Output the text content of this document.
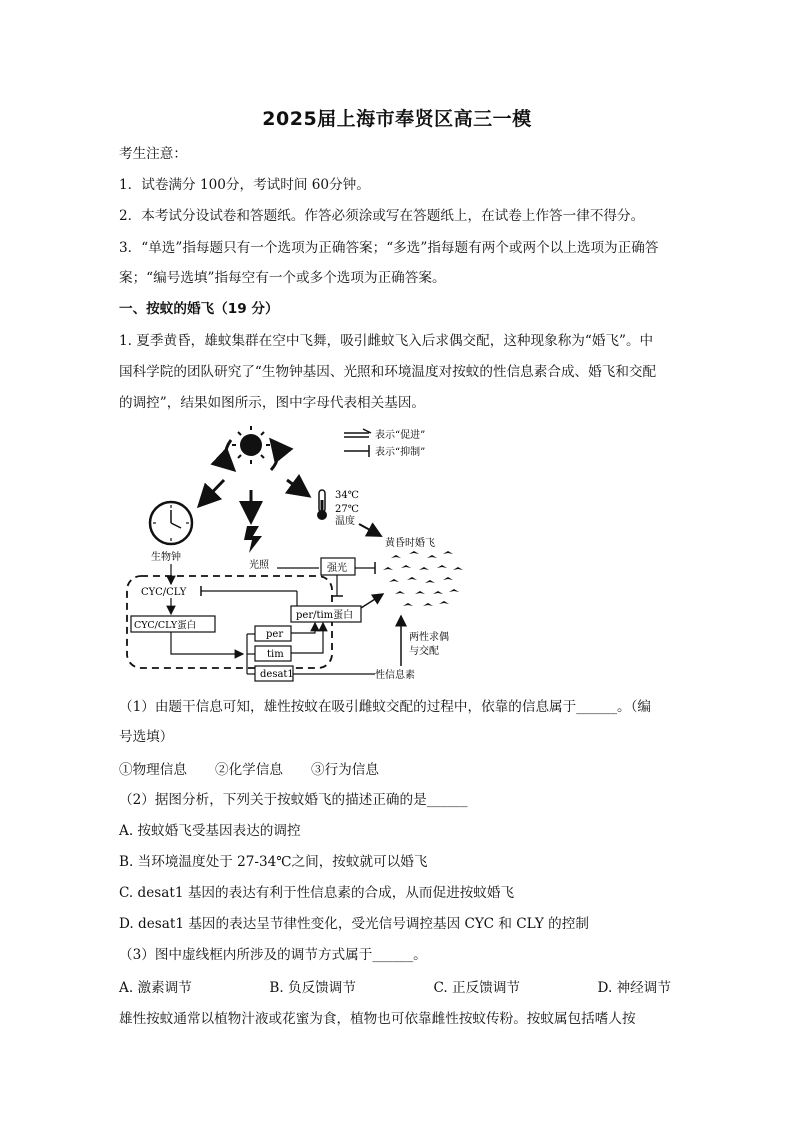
2025届上海市奉贤区高三一模
考生注意：
1．试卷满分 100分，考试时间 60分钟。
2．本考试分设试卷和答题纸。作答必须涂或写在答题纸上，在试卷上作答一律不得分。
3．“单选”指每题只有一个选项为正确答案；“多选”指每题有两个或两个以上选项为正确答
案；“编号选填”指每空有一个或多个选项为正确答案。
一、按蚊的婚飞（19 分）
1. 夏季黄昏，雄蚊集群在空中飞舞，吸引雌蚊飞入后求偶交配，这种现象称为“婚飞”。中
国科学院的团队研究了“生物钟基因、光照和环境温度对按蚊的性信息素合成、婚飞和交配
的调控”，结果如图所示，图中字母代表相关基因。
表示“促进”
表示“抑制”
生物钟
光照
34℃
27℃
温度
黄昏时婚飞
强光
CYC/CLY
per/tim蛋白
CYC/CLY蛋白
per
tim
desat1	性信息素
两性求偶
与交配
（1）由题干信息可知，雄性按蚊在吸引雌蚊交配的过程中，依靠的信息属于______。（编
号选填）
①物理信息	②化学信息	③行为信息
（2）据图分析，下列关于按蚊婚飞的描述正确的是______
A. 按蚊婚飞受基因表达的调控
B. 当环境温度处于 27-34℃之间，按蚊就可以婚飞
C. desat1 基因的表达有利于性信息素的合成，从而促进按蚊婚飞
D. desat1 基因的表达呈节律性变化，受光信号调控基因 CYC 和 CLY 的控制
（3）图中虚线框内所涉及的调节方式属于______。
A. 激素调节	B. 负反馈调节	C. 正反馈调节	D. 神经调节
雄性按蚊通常以植物汁液或花蜜为食，植物也可依靠雌性按蚊传粉。按蚊属包括嗜人按
